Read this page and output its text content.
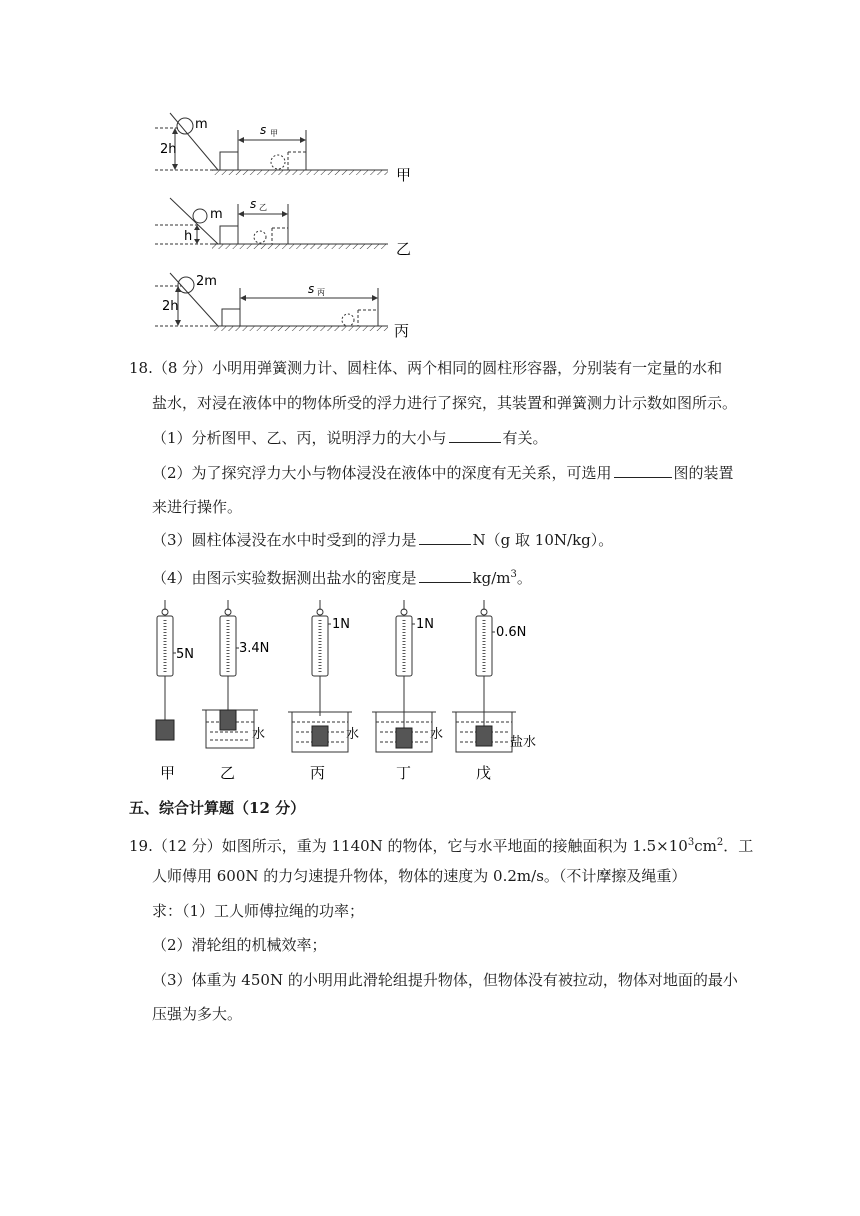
m
2h
s 甲
甲
m
h
s 乙
乙
2m
2h
s 丙
丙
18.（8 分）小明用弹簧测力计、圆柱体、两个相同的圆柱形容器，分别装有一定量的水和
盐水，对浸在液体中的物体所受的浮力进行了探究，其装置和弹簧测力计示数如图所示。
（1）分析图甲、乙、丙，说明浮力的大小与	有关。
（2）为了探究浮力大小与物体浸没在液体中的深度有无关系，可选用	图的装置
来进行操作。
（3）圆柱体浸没在水中时受到的浮力是	N（g 取 10N/kg）。
（4）由图示实验数据测出盐水的密度是	$kg/m^3$。
5N
甲
3.4N
水
乙
1N
水
丙
1N
水
丁
0.6N
盐水
戊
五、综合计算题（12 分）
19.（12 分）如图所示，重为 1140N 的物体，它与水平地面的接触面积为 $1.5\times 10^3cm^2$．工
人师傅用 600N 的力匀速提升物体，物体的速度为 0.2m/s。（不计摩擦及绳重）
求：（1）工人师傅拉绳的功率；
（2）滑轮组的机械效率；
（3）体重为 450N 的小明用此滑轮组提升物体，但物体没有被拉动，物体对地面的最小
压强为多大。
